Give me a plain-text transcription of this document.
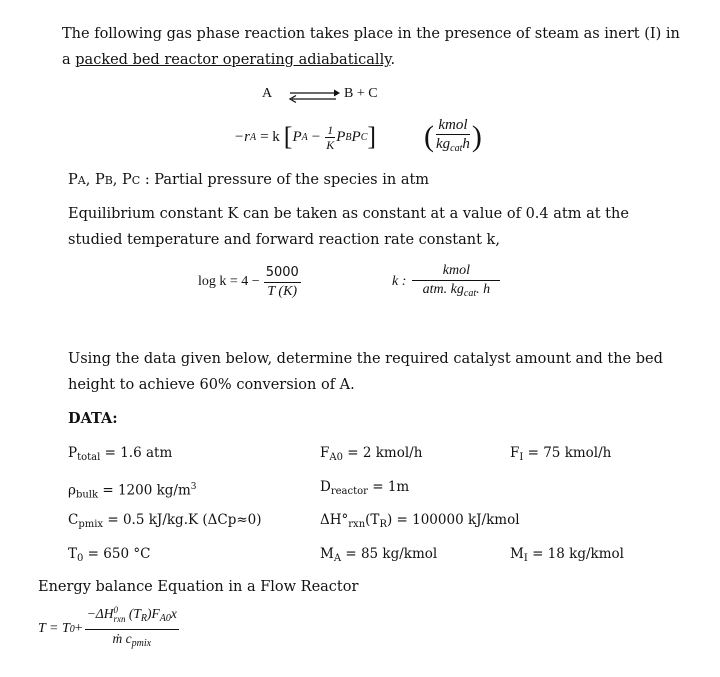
The following gas phase reaction takes place in the presence of steam as inert (I) in
a packed bed reactor operating adiabatically.
A ⇌ B + C
−r A = k [ P $A - \frac{1}{K}$ P B P C ] ( $\frac{\text{kmol}}{kg_{cat}h}$ )
PA, PB, PC : Partial pressure of the species in atm
Equilibrium constant K can be taken as constant at a value of 0.4 atm at the
studied temperature and forward reaction rate constant k,
$\log k = 4 - \frac{5000}{T (K)}$	k : $\frac{\text{kmol}}{atm. kg_{cat}. h}$
Using the data given below, determine the required catalyst amount and the bed
height to achieve 60% conversion of A.
DATA:
$P_{total} = 1.6$ atm	$F_{A0} = 2$ kmol/h	$F_I = 75$ kmol/h
$\rho_{bulk} = 1200$ $kg/m^3$	$D_{reactor} = 1m$
$C_{pmix} = 0.5$ kJ/kg.K (ΔCp≈0)	$\Delta H^\circ_{rxn}(T_R) = 100000$ kJ/kmol
$T_0 = 650$ °C	$M_A = 85$ kg/kmol	$M_I = 18$ kg/kmol
Energy balance Equation in a Flow Reactor
T = T 0 + −ΔH 0
rxn $(T_R)F_{A0}x$
ṁ $c_{pmix}$
